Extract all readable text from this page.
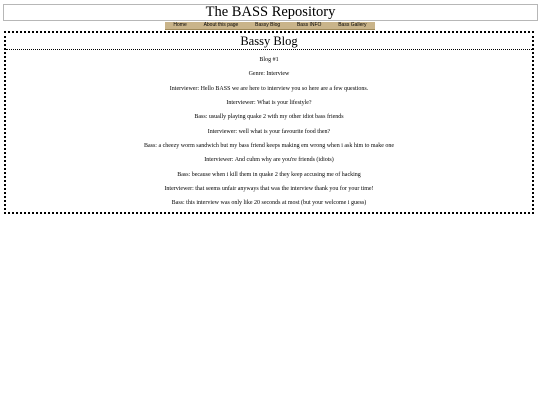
The BASS Repository
Home	About this page	Bassy Blog	Bass INFO	Bass Gallery
Bassy Blog

Blog #1

Genre: Interview

Interviewer: Hello BASS we are here to interview you so here are a few questions.

Interviewer: What is your lifestyle?

Bass: usually playing quake 2 with my other idiot bass friends

Interviewer: well what is your favourite food then?

Bass: a cheezy worm sandwich but my bass friend keeps making em wrong when i ask him to make one

Interviewer: And cuhm why are you're friends (idiots)

Bass: because when i kill them in quake 2 they keep accusing me of hacking

Interviewer: that seems unfair anyways that was the interview thank you for your time!

Bass: this interview was only like 20 seconds at most (but your welcome i guess)
